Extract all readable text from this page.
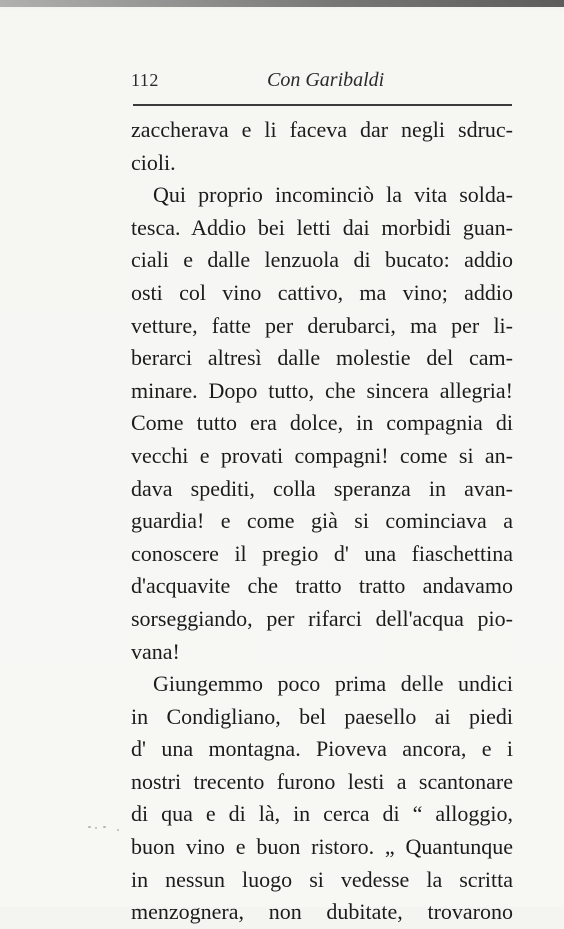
112	Con Garibaldi
zaccherava e li faceva dar negli sdruc-
cioli.
Qui proprio incominciò la vita solda-
tesca. Addio bei letti dai morbidi guan-
ciali e dalle lenzuola di bucato: addio
osti col vino cattivo, ma vino; addio
vetture, fatte per derubarci, ma per li-
berarci altresì dalle molestie del cam-
minare. Dopo tutto, che sincera allegria!
Come tutto era dolce, in compagnia di
vecchi e provati compagni! come si an-
dava spediti, colla speranza in avan-
guardia! e come già si cominciava a
conoscere il pregio d' una fiaschettina
d'acquavite che tratto tratto andavamo
sorseggiando, per rifarci dell'acqua pio-
vana!
Giungemmo poco prima delle undici
in Condigliano, bel paesello ai piedi
d' una montagna. Pioveva ancora, e i
nostri trecento furono lesti a scantonare
di qua e di là, in cerca di “ alloggio,
buon vino e buon ristoro. „ Quantunque
in nessun luogo si vedesse la scritta
menzognera, non dubitate, trovarono
